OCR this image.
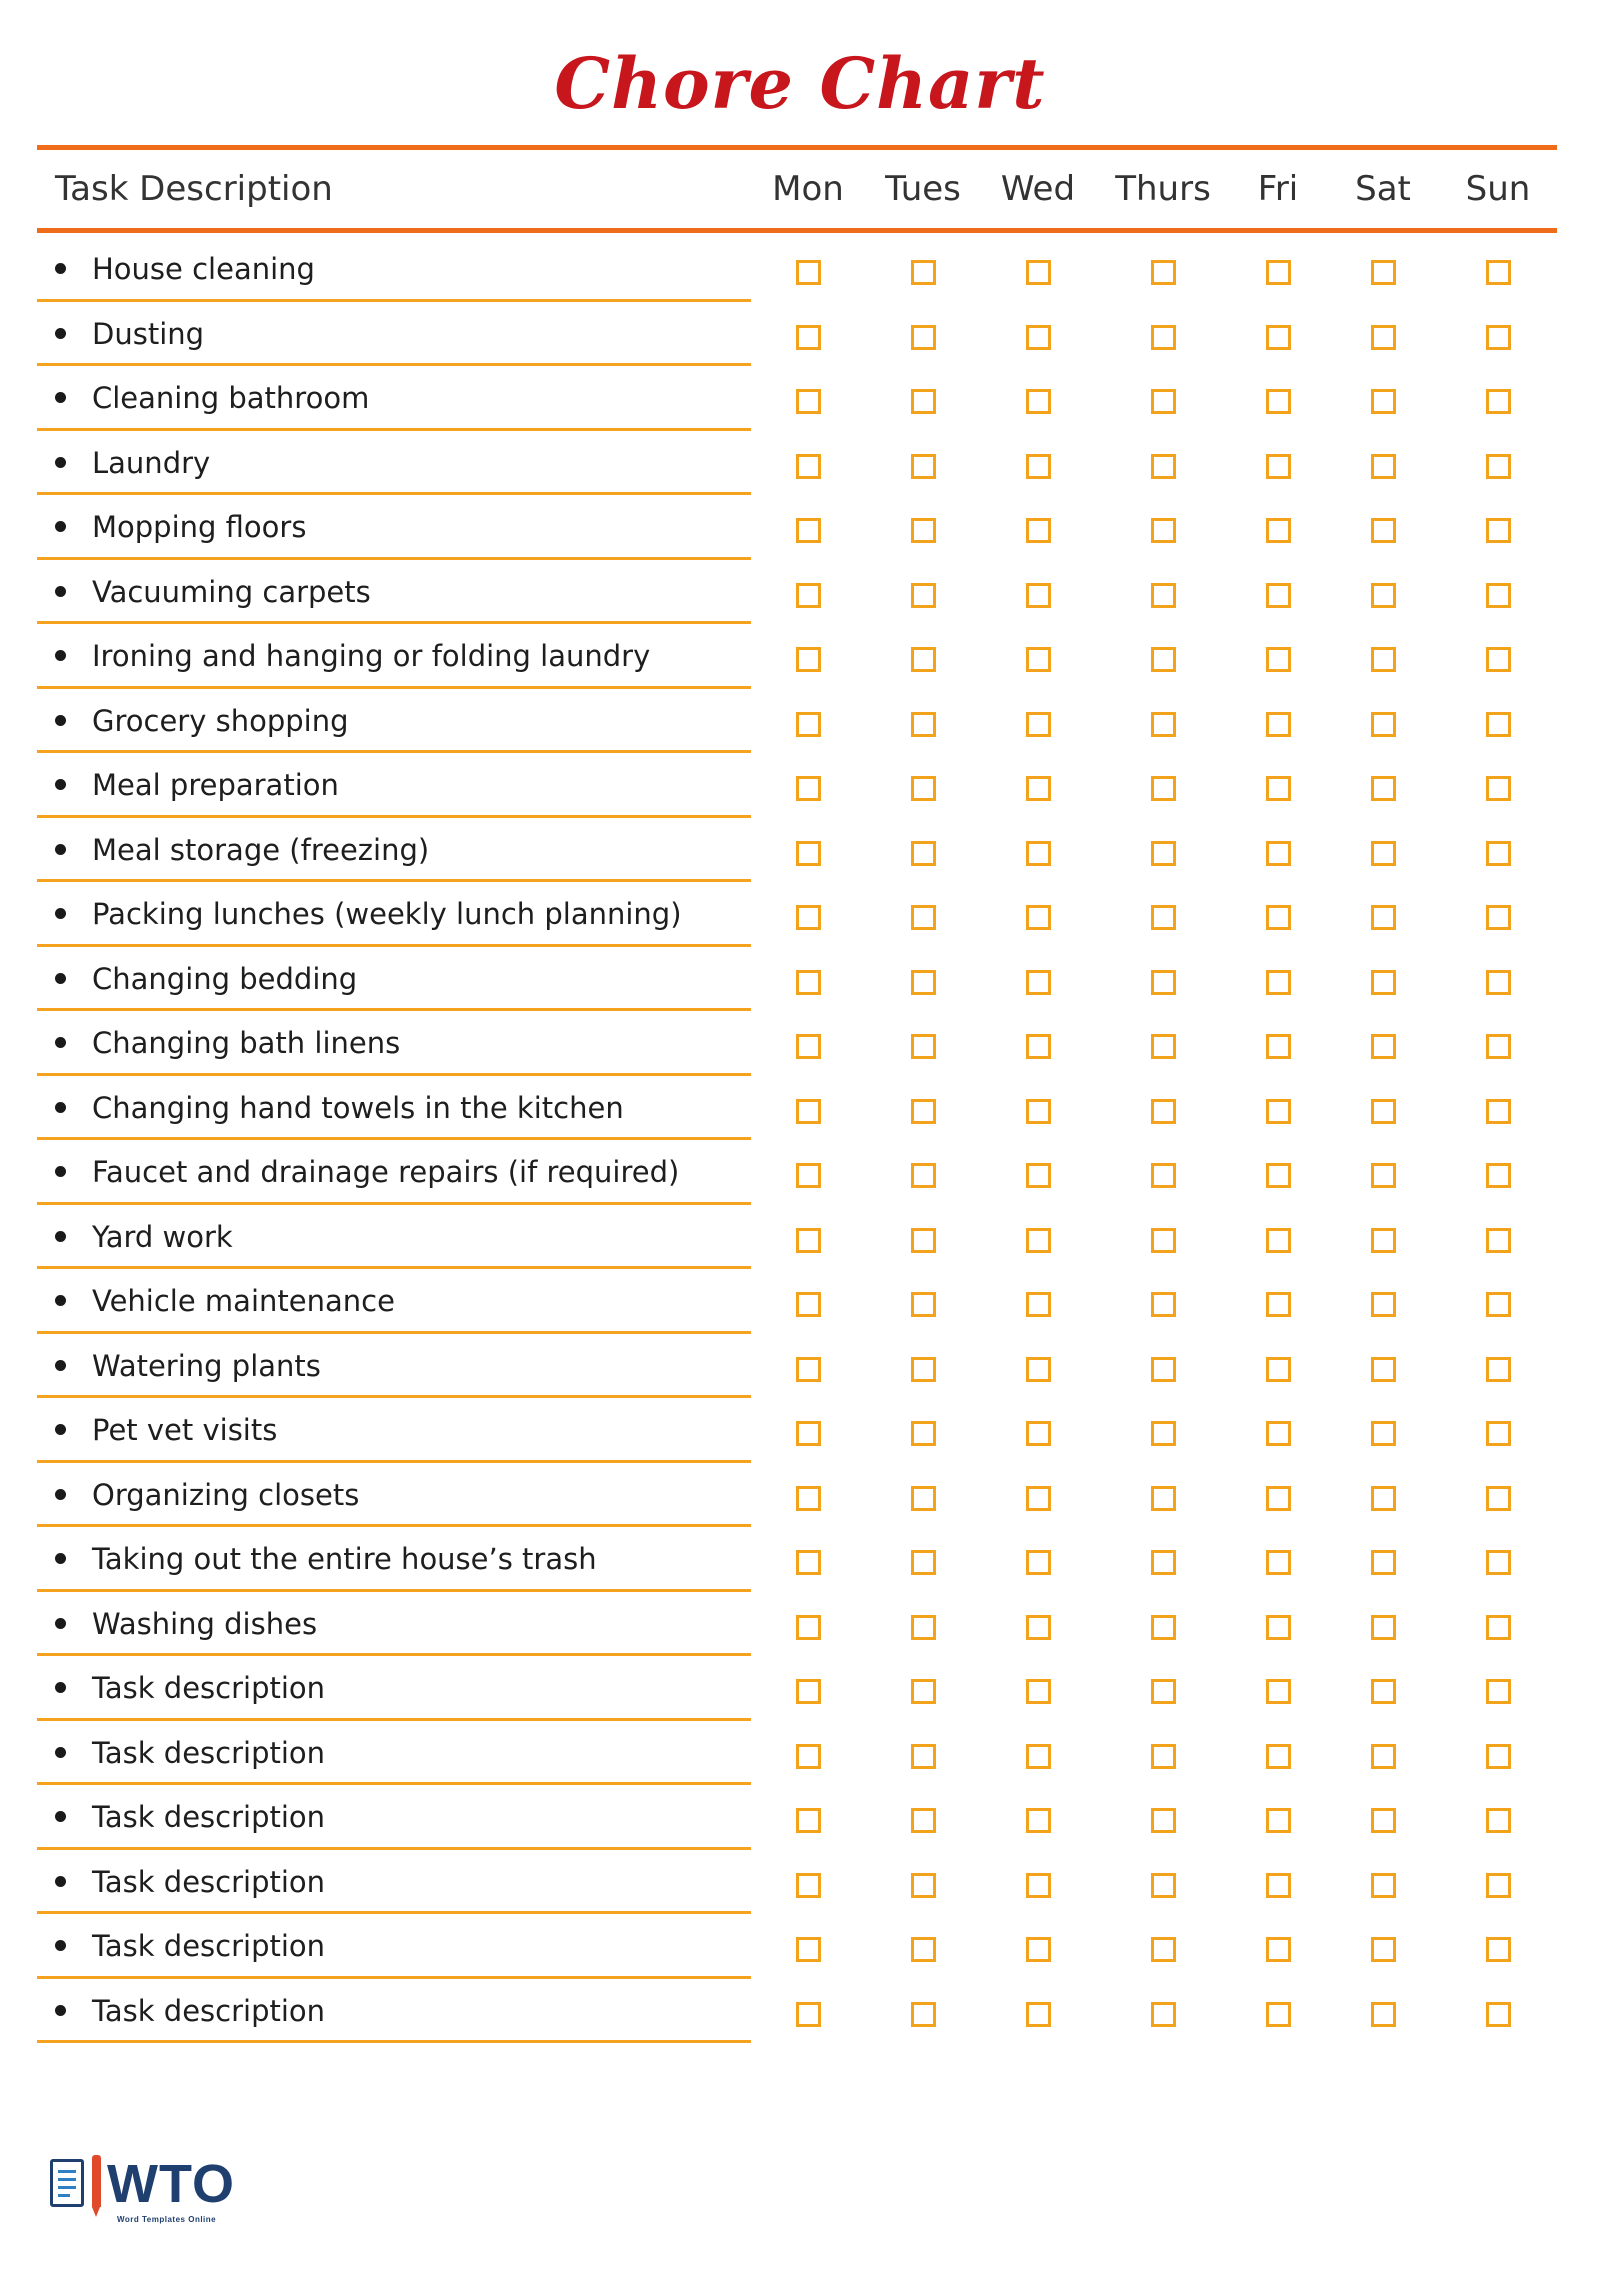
Chore Chart
Task Description	Mon Tues Wed Thurs Fri Sat Sun
House cleaning
Dusting
Cleaning bathroom
Laundry
Mopping floors
Vacuuming carpets
Ironing and hanging or folding laundry
Grocery shopping
Meal preparation
Meal storage (freezing)
Packing lunches (weekly lunch planning)
Changing bedding
Changing bath linens
Changing hand towels in the kitchen
Faucet and drainage repairs (if required)
Yard work
Vehicle maintenance
Watering plants
Pet vet visits
Organizing closets
Taking out the entire house’s trash
Washing dishes
Task description
Task description
Task description
Task description
Task description
Task description
WTO
Word Templates Online
